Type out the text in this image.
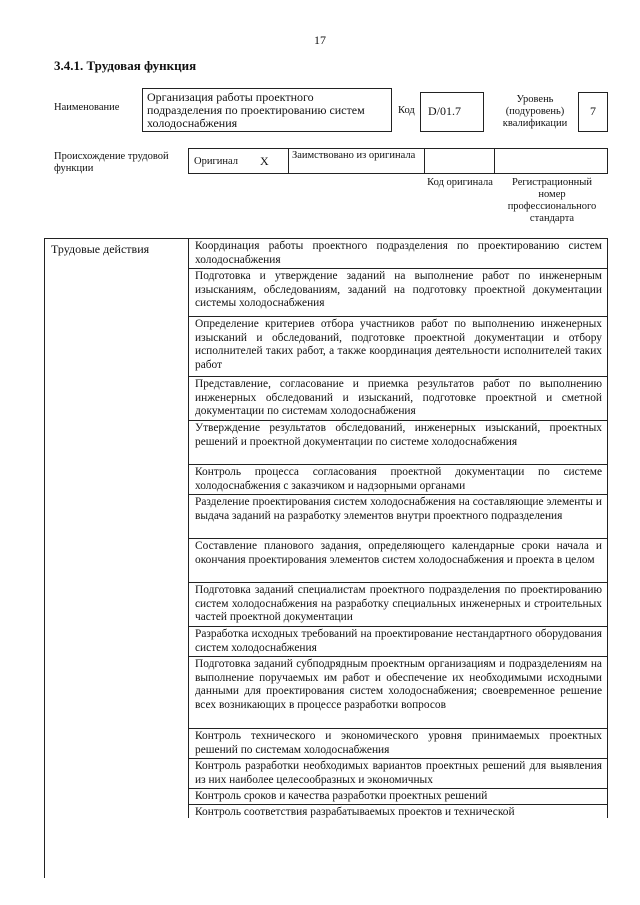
17
3.4.1. Трудовая функция
Наименование
Организация работы проектного подразделения по проектированию систем холодоснабжения
Код	D/01.7
Уровень (подуровень) квалификации
7
Происхождение трудовой функции
Оригинал X Заимствовано из оригинала
Код оригинала	Регистрационный номер профессионального стандарта
Трудовые действия	Координация работы проектного подразделения по проектированию систем холодоснабжения
Подготовка и утверждение заданий на выполнение работ по инженерным изысканиям, обследованиям, заданий на подготовку проектной документации системы холодоснабжения
Определение критериев отбора участников работ по выполнению инженерных изысканий и обследований, подготовке проектной документации и отбору исполнителей таких работ, а также координация деятельности исполнителей таких работ
Представление, согласование и приемка результатов работ по выполнению инженерных обследований и изысканий, подготовке проектной и сметной документации по системам холодоснабжения
Утверждение результатов обследований, инженерных изысканий, проектных решений и проектной документации по системе холодоснабжения
Контроль процесса согласования проектной документации по системе холодоснабжения с заказчиком и надзорными органами
Разделение проектирования систем холодоснабжения на составляющие элементы и выдача заданий на разработку элементов внутри проектного подразделения
Составление планового задания, определяющего календарные сроки начала и окончания проектирования элементов систем холодоснабжения и проекта в целом
Подготовка заданий специалистам проектного подразделения по проектированию систем холодоснабжения на разработку специальных инженерных и строительных частей проектной документации
Разработка исходных требований на проектирование нестандартного оборудования систем холодоснабжения
Подготовка заданий субподрядным проектным организациям и подразделениям на выполнение поручаемых им работ и обеспечение их необходимыми исходными данными для проектирования систем холодоснабжения; своевременное решение всех возникающих в процессе разработки вопросов
Контроль технического и экономического уровня принимаемых проектных решений по системам холодоснабжения
Контроль разработки необходимых вариантов проектных решений для выявления из них наиболее целесообразных и экономичных
Контроль сроков и качества разработки проектных решений
Контроль соответствия разрабатываемых проектов и технической
